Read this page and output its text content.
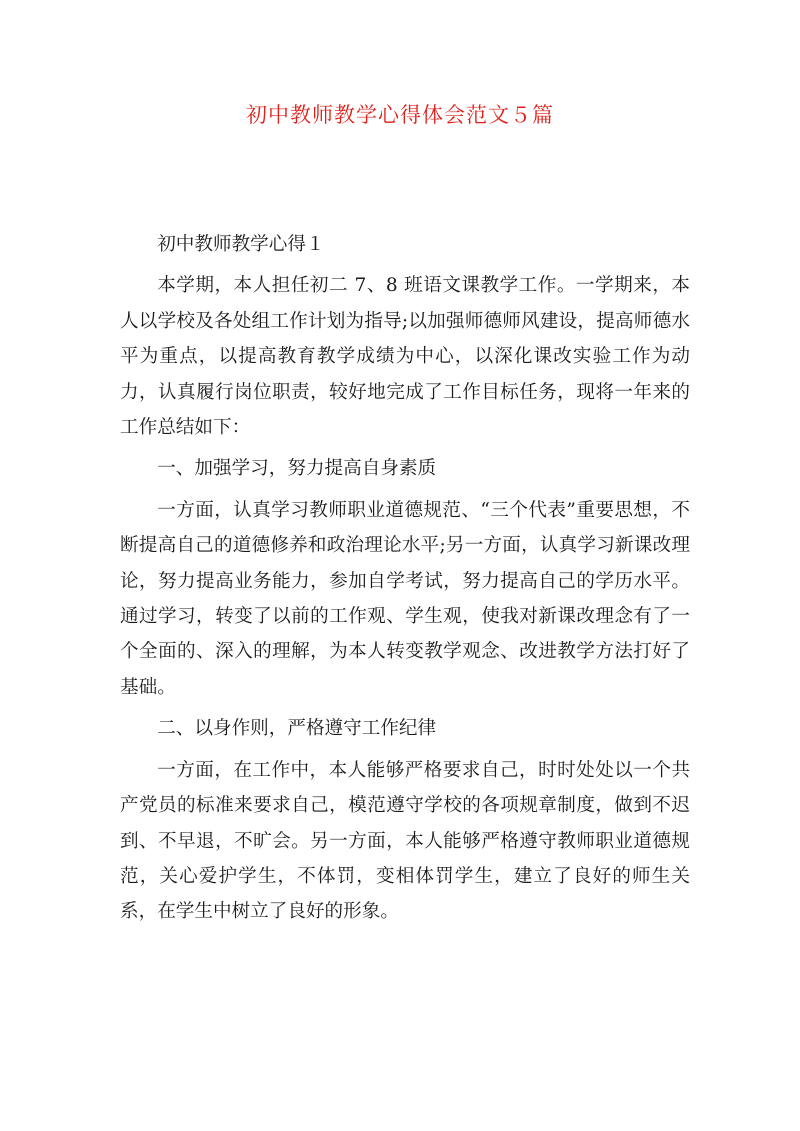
初中教师教学心得体会范文５篇

初中教师教学心得１

本学期，本人担任初二 7、8 班语文课教学工作。一学期来，本人以学校及各处组工作计划为指导;以加强师德师风建设，提高师德水平为重点，以提高教育教学成绩为中心，以深化课改实验工作为动力，认真履行岗位职责，较好地完成了工作目标任务，现将一年来的工作总结如下：

一、加强学习，努力提高自身素质

一方面，认真学习教师职业道德规范、“三个代表”重要思想，不断提高自己的道德修养和政治理论水平;另一方面，认真学习新课改理论，努力提高业务能力，参加自学考试，努力提高自己的学历水平。通过学习，转变了以前的工作观、学生观，使我对新课改理念有了一个全面的、深入的理解，为本人转变教学观念、改进教学方法打好了基础。

二、以身作则，严格遵守工作纪律

一方面，在工作中，本人能够严格要求自己，时时处处以一个共产党员的标准来要求自己，模范遵守学校的各项规章制度，做到不迟到、不早退，不旷会。另一方面，本人能够严格遵守教师职业道德规范，关心爱护学生，不体罚，变相体罚学生，建立了良好的师生关系，在学生中树立了良好的形象。
